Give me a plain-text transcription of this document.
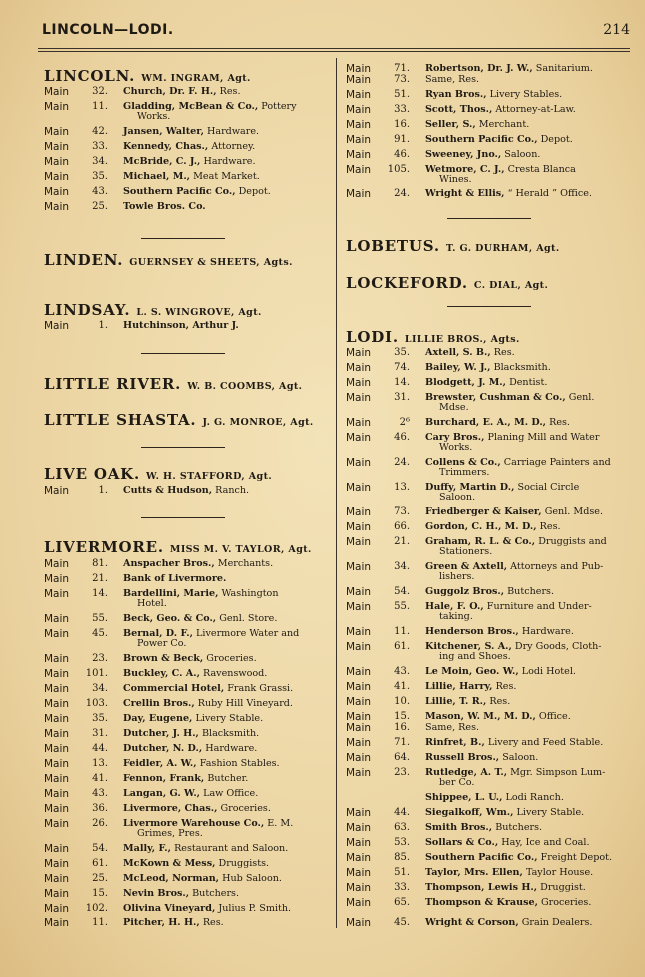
LINCOLN—LODI.	214
LINCOLN. WM. INGRAM, Agt.
Main	32. Church, Dr. F. H., Res.
Main	11. Gladding, McBean & Co., Pottery
Works.
Main	42. Jansen, Walter, Hardware.
Main	33. Kennedy, Chas., Attorney.
Main	34. McBride, C. J., Hardware.
Main	35. Michael, M., Meat Market.
Main	43. Southern Pacific Co., Depot.
Main	25. Towle Bros. Co.
LINDEN. GUERNSEY & SHEETS, Agts.
LINDSAY. L. S. WINGROVE, Agt.
Main	1. Hutchinson, Arthur J.
LITTLE RIVER. W. B. COOMBS, Agt.
LITTLE SHASTA. J. G. MONROE, Agt.
LIVE OAK. W. H. STAFFORD, Agt.
Main	1. Cutts & Hudson, Ranch.
LIVERMORE. MISS M. V. TAYLOR, Agt.
Main	81. Anspacher Bros., Merchants.
Main	21. Bank of Livermore.
Main	14. Bardellini, Marie, Washington
Hotel.
Main	55. Beck, Geo. & Co., Genl. Store.
Main	45. Bernal, D. F., Livermore Water and
Power Co.
Main	23. Brown & Beck, Groceries.
Main	101. Buckley, C. A., Ravenswood.
Main	34. Commercial Hotel, Frank Grassi.
Main	103. Crellin Bros., Ruby Hill Vineyard.
Main	35. Day, Eugene, Livery Stable.
Main	31. Dutcher, J. H., Blacksmith.
Main	44. Dutcher, N. D., Hardware.
Main	13. Feidler, A. W., Fashion Stables.
Main	41. Fennon, Frank, Butcher.
Main	43. Langan, G. W., Law Office.
Main	36. Livermore, Chas., Groceries.
Main	26. Livermore Warehouse Co., E. M.
Grimes, Pres.
Main	54. Mally, F., Restaurant and Saloon.
Main	61. McKown & Mess, Druggists.
Main	25. McLeod, Norman, Hub Saloon.
Main	15. Nevin Bros., Butchers.
Main	102. Olivina Vineyard, Julius P. Smith.
Main	11. Pitcher, H. H., Res.
Main	71. Robertson, Dr. J. W., Sanitarium.
Main	73. Same, Res.
Main	51. Ryan Bros., Livery Stables.
Main	33. Scott, Thos., Attorney-at-Law.
Main	16. Seller, S., Merchant.
Main	91. Southern Pacific Co., Depot.
Main	46. Sweeney, Jno., Saloon.
Main	105. Wetmore, C. J., Cresta Blanca
Wines.
Main	24. Wright & Ellis, “ Herald ” Office.
LOBETUS. T. G. DURHAM, Agt.
LOCKEFORD. C. DIAL, Agt.
LODI. LILLIE BROS., Agts.
Main	35. Axtell, S. B., Res.
Main	74. Bailey, W. J., Blacksmith.
Main	14. Blodgett, J. M., Dentist.
Main	31. Brewster, Cushman & Co., Genl.
Mdse.
Main	2⁶ Burchard, E. A., M. D., Res.
Main	46. Cary Bros., Planing Mill and Water
Works.
Main	24. Collens & Co., Carriage Painters and
Trimmers.
Main	13. Duffy, Martin D., Social Circle
Saloon.
Main	73. Friedberger & Kaiser, Genl. Mdse.
Main	66. Gordon, C. H., M. D., Res.
Main	21. Graham, R. L. & Co., Druggists and
Stationers.
Main	34. Green & Axtell, Attorneys and Pub-
lishers.
Main	54. Guggolz Bros., Butchers.
Main	55. Hale, F. O., Furniture and Under-
taking.
Main	11. Henderson Bros., Hardware.
Main	61. Kitchener, S. A., Dry Goods, Cloth-
ing and Shoes.
Main	43. Le Moin, Geo. W., Lodi Hotel.
Main	41. Lillie, Harry, Res.
Main	10. Lillie, T. R., Res.
Main	15. Mason, W. M., M. D., Office.
Main	16. Same, Res.
Main	71. Rinfret, B., Livery and Feed Stable.
Main	64. Russell Bros., Saloon.
Main	23. Rutledge, A. T., Mgr. Simpson Lum-
ber Co.
Shippee, L. U., Lodi Ranch.
Main	44. Siegalkoff, Wm., Livery Stable.
Main	63. Smith Bros., Butchers.
Main	53. Sollars & Co., Hay, Ice and Coal.
Main	85. Southern Pacific Co., Freight Depot.
Main	51. Taylor, Mrs. Ellen, Taylor House.
Main	33. Thompson, Lewis H., Druggist.
Main	65. Thompson & Krause, Groceries.
Main	45. Wright & Corson, Grain Dealers.
